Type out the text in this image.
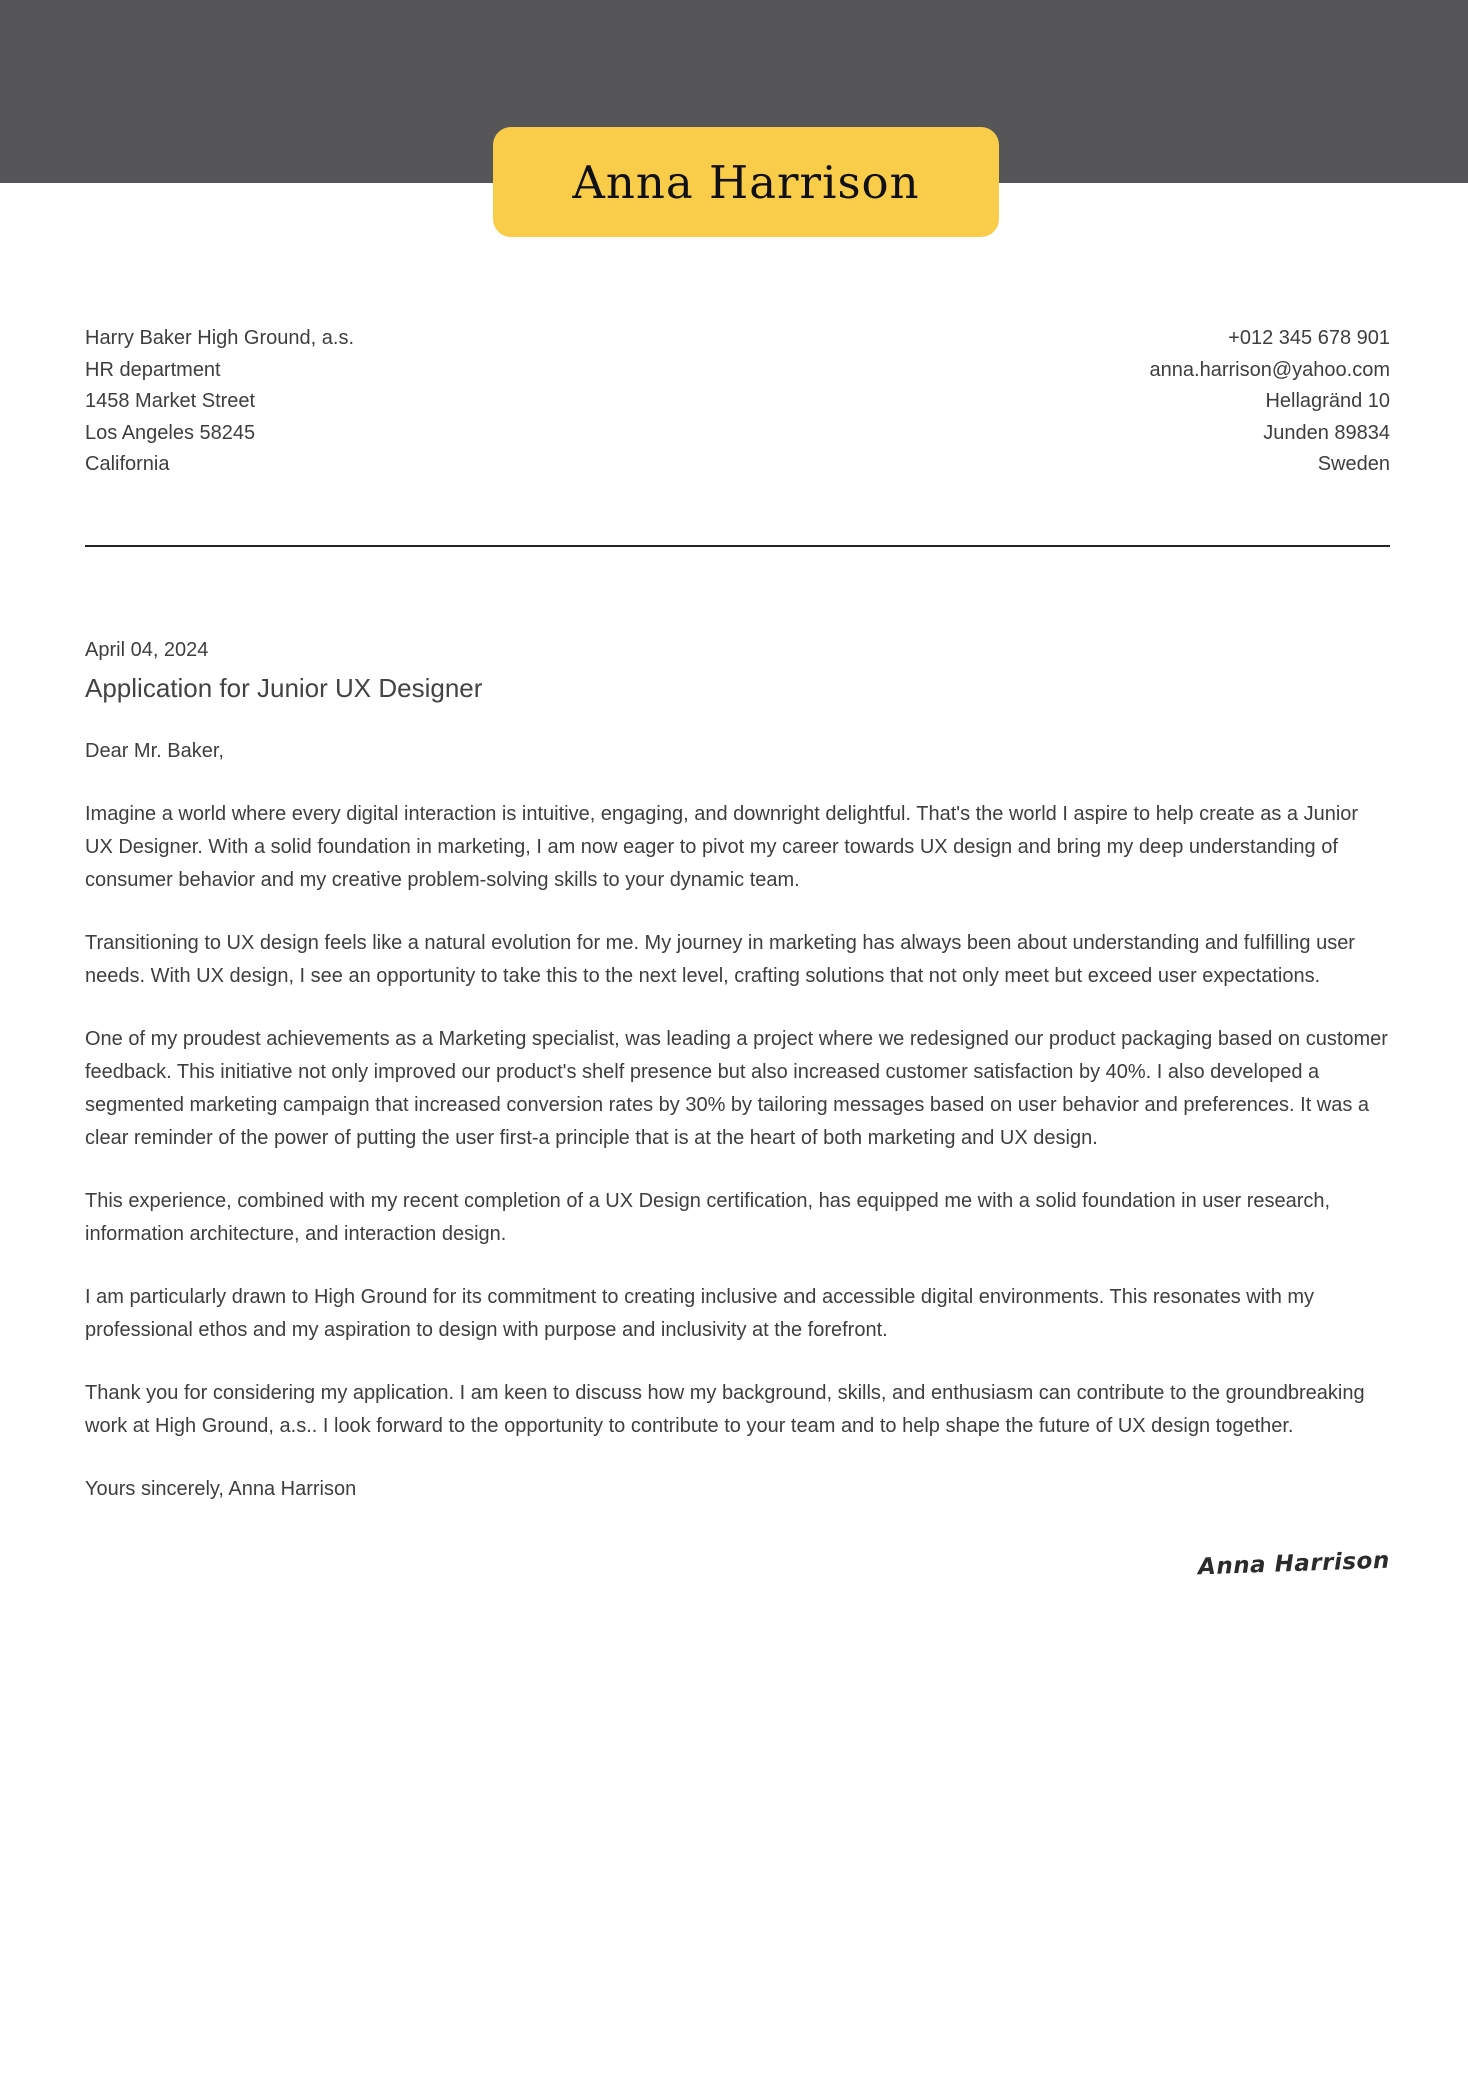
Anna Harrison
Harry Baker High Ground, a.s.
HR department
1458 Market Street
Los Angeles 58245
California
+012 345 678 901
anna.harrison@yahoo.com
Hellagränd 10
Junden 89834
Sweden
April 04, 2024
Application for Junior UX Designer

Dear Mr. Baker,

Imagine a world where every digital interaction is intuitive, engaging, and downright delightful. That's the world I aspire to help create as a Junior UX Designer. With a solid foundation in marketing, I am now eager to pivot my career towards UX design and bring my deep understanding of consumer behavior and my creative problem-solving skills to your dynamic team.

Transitioning to UX design feels like a natural evolution for me. My journey in marketing has always been about understanding and fulfilling user needs. With UX design, I see an opportunity to take this to the next level, crafting solutions that not only meet but exceed user expectations.

One of my proudest achievements as a Marketing specialist, was leading a project where we redesigned our product packaging based on customer feedback. This initiative not only improved our product's shelf presence but also increased customer satisfaction by 40%. I also developed a segmented marketing campaign that increased conversion rates by 30% by tailoring messages based on user behavior and preferences. It was a clear reminder of the power of putting the user first-a principle that is at the heart of both marketing and UX design.

This experience, combined with my recent completion of a UX Design certification, has equipped me with a solid foundation in user research, information architecture, and interaction design.

I am particularly drawn to High Ground for its commitment to creating inclusive and accessible digital environments. This resonates with my professional ethos and my aspiration to design with purpose and inclusivity at the forefront.

Thank you for considering my application. I am keen to discuss how my background, skills, and enthusiasm can contribute to the groundbreaking work at High Ground, a.s.. I look forward to the opportunity to contribute to your team and to help shape the future of UX design together.

Yours sincerely, Anna Harrison

Anna Harrison
